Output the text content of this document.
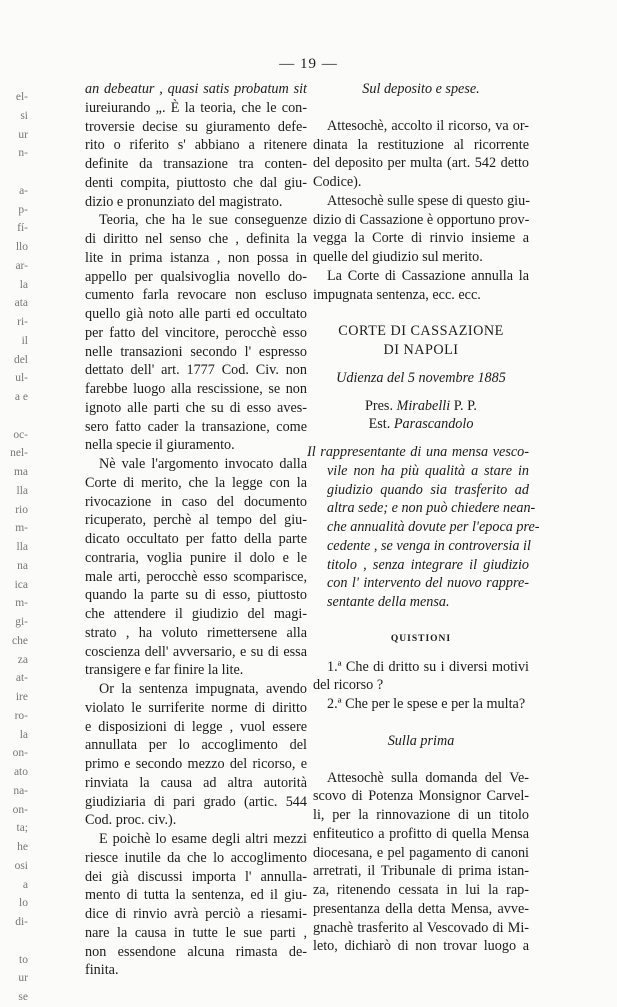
— 19 —
el-
si
ur
n-
a-
p-
fí-
llo
ar-
la
ata
ri-
il
del
ul-
a e
oc-
nel-
ma
lla
rio
m-
lla
na
ica
m-
gi-
che
za
at-
ire
ro-
la
on-
ato
na-
on-
ta;
he
osi
a
lo
di-
to
ur
se
an debeatur , quasi satis probatum sit
iureiurando „. È la teoria, che le con-
troversie decise su giuramento defe-
rito o riferito s' abbiano a ritenere
definite da transazione tra conten-
denti compita, piuttosto che dal giu-
dizio e pronunziato del magistrato.
Teoria, che ha le sue conseguenze
di diritto nel senso che , definita la
lite in prima istanza , non possa in
appello per qualsivoglia novello do-
cumento farla revocare non escluso
quello già noto alle parti ed occultato
per fatto del vincitore, perocchè esso
nelle transazioni secondo l' espresso
dettato dell' art. 1777 Cod. Civ. non
farebbe luogo alla rescissione, se non
ignoto alle parti che su di esso aves-
sero fatto cader la transazione, come
nella specie il giuramento.
Nè vale l'argomento invocato dalla
Corte di merito, che la legge con la
rivocazione in caso del documento
ricuperato, perchè al tempo del giu-
dicato occultato per fatto della parte
contraria, voglia punire il dolo e le
male arti, perocchè esso scomparisce,
quando la parte su di esso, piuttosto
che attendere il giudizio del magi-
strato , ha voluto rimettersene alla
coscienza dell' avversario, e su di essa
transigere e far finire la lite.
Or la sentenza impugnata, avendo
violato le surriferite norme di diritto
e disposizioni di legge , vuol essere
annullata per lo accoglimento del
primo e secondo mezzo del ricorso, e
rinviata la causa ad altra autorità
giudiziaria di pari grado (artic. 544
Cod. proc. civ.).
E poichè lo esame degli altri mezzi
riesce inutile da che lo accoglimento
dei già discussi importa l' annulla-
mento di tutta la sentenza, ed il giu-
dice di rinvio avrà perciò a riesami-
nare la causa in tutte le sue parti ,
non essendone alcuna rimasta de-
finita.
Sul deposito e spese.
Attesochè, accolto il ricorso, va or-
dinata la restituzione al ricorrente
del deposito per multa (art. 542 detto
Codice).
Attesochè sulle spese di questo giu-
dizio di Cassazione è opportuno prov-
vegga la Corte di rinvio insieme a
quelle del giudizio sul merito.
La Corte di Cassazione annulla la
impugnata sentenza, ecc. ecc.
CORTE DI CASSAZIONE
DI NAPOLI
Udienza del 5 novembre 1885
Pres. Mirabelli P. P.
Est. Parascandolo
Il rappresentante di una mensa vesco-
vile non ha più qualità a stare in
giudizio quando sia trasferito ad
altra sede; e non può chiedere nean-
che annualità dovute per l'epoca pre-
cedente , se venga in controversia il
titolo , senza integrare il giudizio
con l' intervento del nuovo rappre-
sentante della mensa.
QUISTIONI
1.ª Che di dritto su i diversi motivi
del ricorso ?
2.ª Che per le spese e per la multa?
Sulla prima
Attesochè sulla domanda del Ve-
scovo di Potenza Monsignor Carvel-
li, per la rinnovazione di un titolo
enfiteutico a profitto di quella Mensa
diocesana, e pel pagamento di canoni
arretrati, il Tribunale di prima istan-
za, ritenendo cessata in lui la rap-
presentanza della detta Mensa, avve-
gnachè trasferito al Vescovado di Mi-
leto, dichiarò di non trovar luogo a
